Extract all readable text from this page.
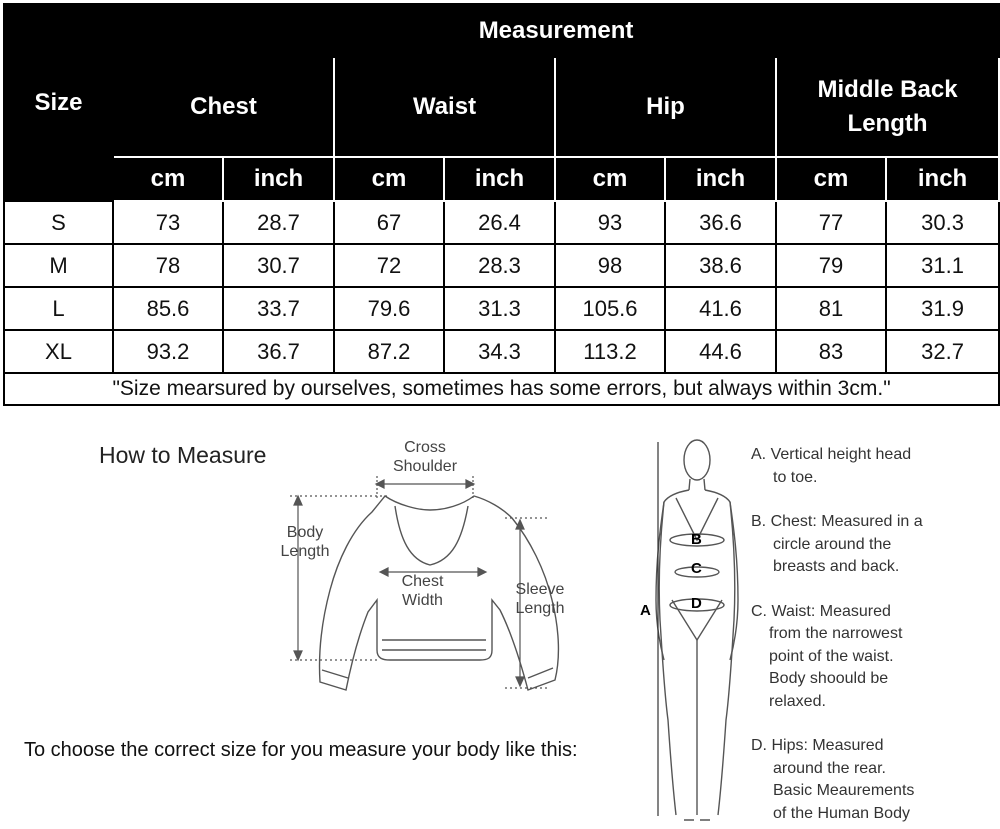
Size	Measurement							
	Chest		Waist		Hip		Middle Back Length	
	cm	inch	cm	inch	cm	inch	cm	inch
S	73	28.7	67	26.4	93	36.6	77	30.3
M	78	30.7	72	28.3	98	38.6	79	31.1
L	85.6	33.7	79.6	31.3	105.6	41.6	81	31.9
XL	93.2	36.7	87.2	34.3	113.2	44.6	83	32.7
"Size mearsured by ourselves, sometimes has some errors, but always within 3cm."								
How to Measure	Cross Shoulder
Body Length
Chest Width
Sleeve Length
To choose the correct size for you measure your body like this:
A
B
C
D

A. Vertical height head

to toe.

B. Chest: Measured in a

circle around the

breasts and back.

C. Waist: Measured

from the narrowest

point of the waist.

Body shoould be

relaxed.

D. Hips: Measured

around the rear.

Basic Meaurements

of the Human Body
